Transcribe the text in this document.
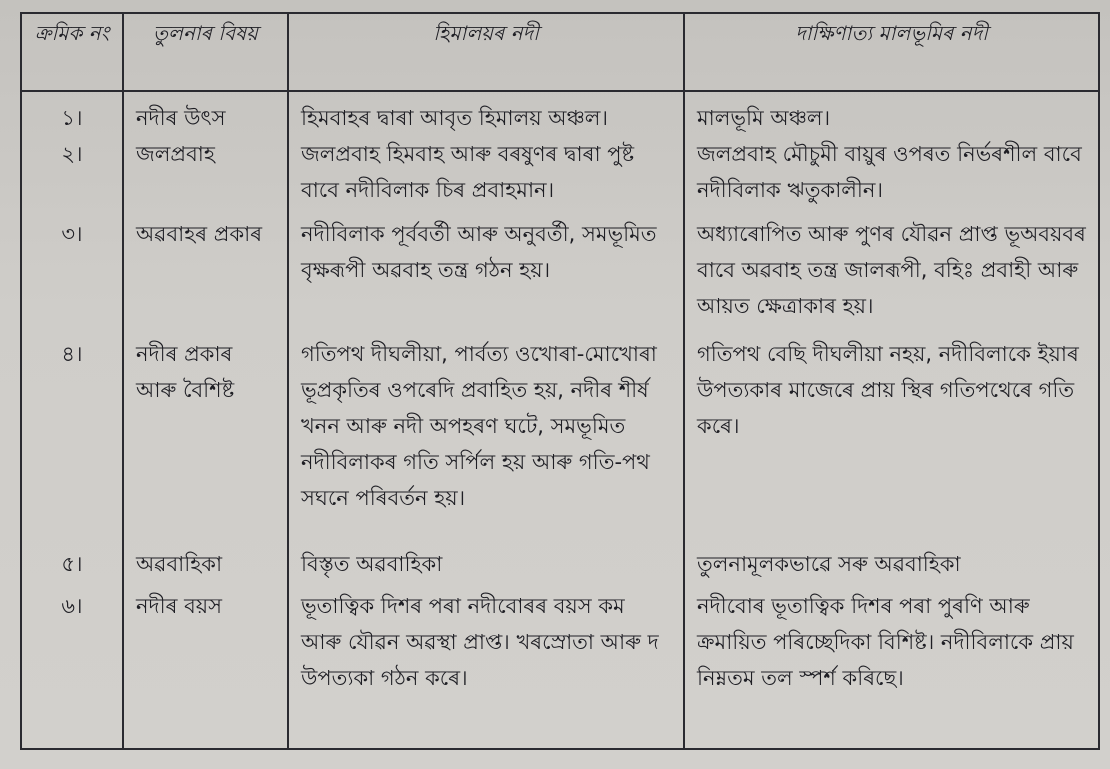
ক্ৰমিক নং	তুলনাৰ বিষয়	হিমালয়ৰ নদী	দাক্ষিণাত্য মালভূমিৰ নদী
১।	নদীৰ উৎস	হিমবাহৰ দ্বাৰা আবৃত হিমালয় অঞ্চল।	মালভূমি অঞ্চল।
২।	জলপ্ৰবাহ	জলপ্ৰবাহ হিমবাহ আৰু বৰষুণৰ দ্বাৰা পুষ্ট বাবে নদীবিলাক চিৰ প্ৰবাহমান।	জলপ্ৰবাহ মৌচুমী বায়ুৰ ওপৰত নিৰ্ভৰশীল বাবে নদীবিলাক ঋতুকালীন।
৩।	অৱবাহৰ প্ৰকাৰ	নদীবিলাক পূৰ্ববৰ্তী আৰু অনুবৰ্তী, সমভূমিত বৃক্ষৰূপী অৱবাহ তন্ত্ৰ গঠন হয়।	অধ্যাৰোপিত আৰু পুণৰ যৌৱন প্ৰাপ্ত ভূঅবয়বৰ বাবে অৱবাহ তন্ত্ৰ জালৰূপী, বহিঃ প্ৰবাহী আৰু আয়ত ক্ষেত্ৰাকাৰ হয়।
৪।	নদীৰ প্ৰকাৰ আৰু বৈশিষ্ট	গতিপথ দীঘলীয়া, পাৰ্বত্য ওখোৰা-মোখোৰা ভূপ্ৰকৃতিৰ ওপৰেদি প্ৰবাহিত হয়, নদীৰ শীৰ্ষ খনন আৰু নদী অপহৰণ ঘটে, সমভূমিত নদীবিলাকৰ গতি সৰ্পিল হয় আৰু গতি-পথ সঘনে পৰিবৰ্তন হয়।	গতিপথ বেছি দীঘলীয়া নহয়, নদীবিলাকে ইয়াৰ উপত্যকাৰ মাজেৰে প্ৰায় স্থিৰ গতিপথেৰে গতি কৰে।
৫।	অৱবাহিকা	বিস্তৃত অৱবাহিকা	তুলনামূলকভাৱে সৰু অৱবাহিকা
৬।	নদীৰ বয়স	ভূতাত্বিক দিশৰ পৰা নদীবোৰৰ বয়স কম আৰু যৌৱন অৱস্থা প্ৰাপ্ত। খৰস্ৰোতা আৰু দ উপত্যকা গঠন কৰে।	নদীবোৰ ভূতাত্বিক দিশৰ পৰা পুৰণি আৰু ক্ৰমায়িত পৰিচ্ছেদিকা বিশিষ্ট। নদীবিলাকে প্ৰায় নিম্নতম তল স্পৰ্শ কৰিছে।
